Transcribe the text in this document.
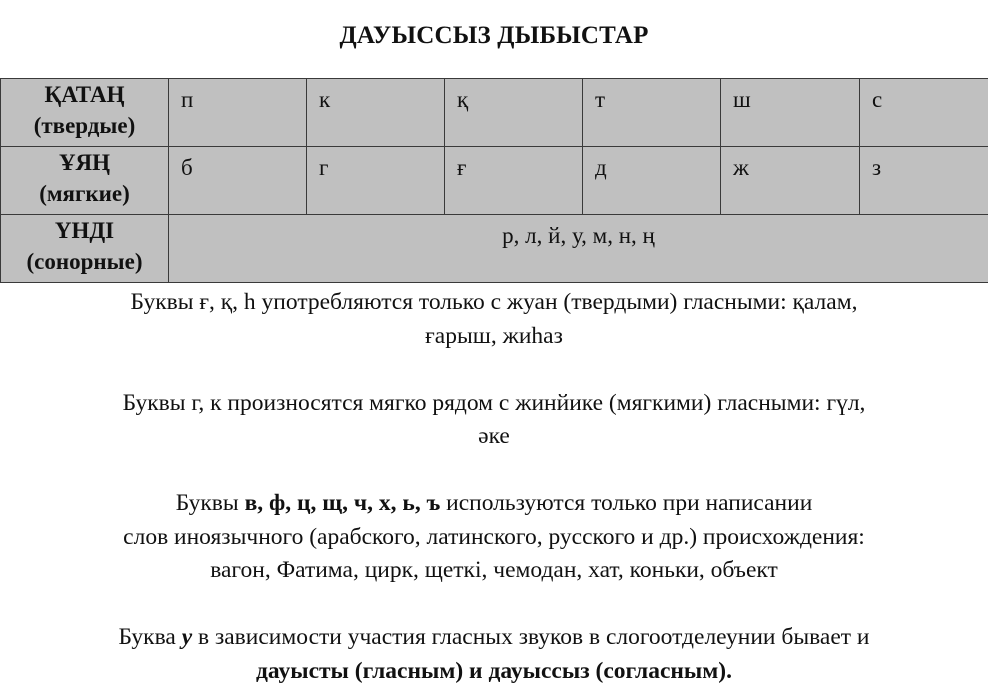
ДАУЫССЫЗ ДЫБЫСТАР
ҚАТАҢ
(твердые)	п	к	қ	т	ш	с

ҰЯҢ
(мягкие)	б	г	ғ	д	ж	з

ҮНДІ
(сонорные)	р, л, й, у, м, н, ң					

Буквы ғ, қ, һ употребляются только с жуан (твердыми) гласными: қалам,
ғарыш, жиһаз

Буквы г, к произносятся мягко рядом с жинйике (мягкими) гласными: гүл,
әке

Буквы в, ф, ц, щ, ч, х, ь, ъ используются только при написании
слов иноязычного (арабского, латинского, русского и др.) происхождения:
вагон, Фатима, цирк, щеткі, чемодан, хат, коньки, объект

Буква у в зависимости участия гласных звуков в слогоотделеунии бывает и
дауысты (гласным) и дауыссыз (согласным).
